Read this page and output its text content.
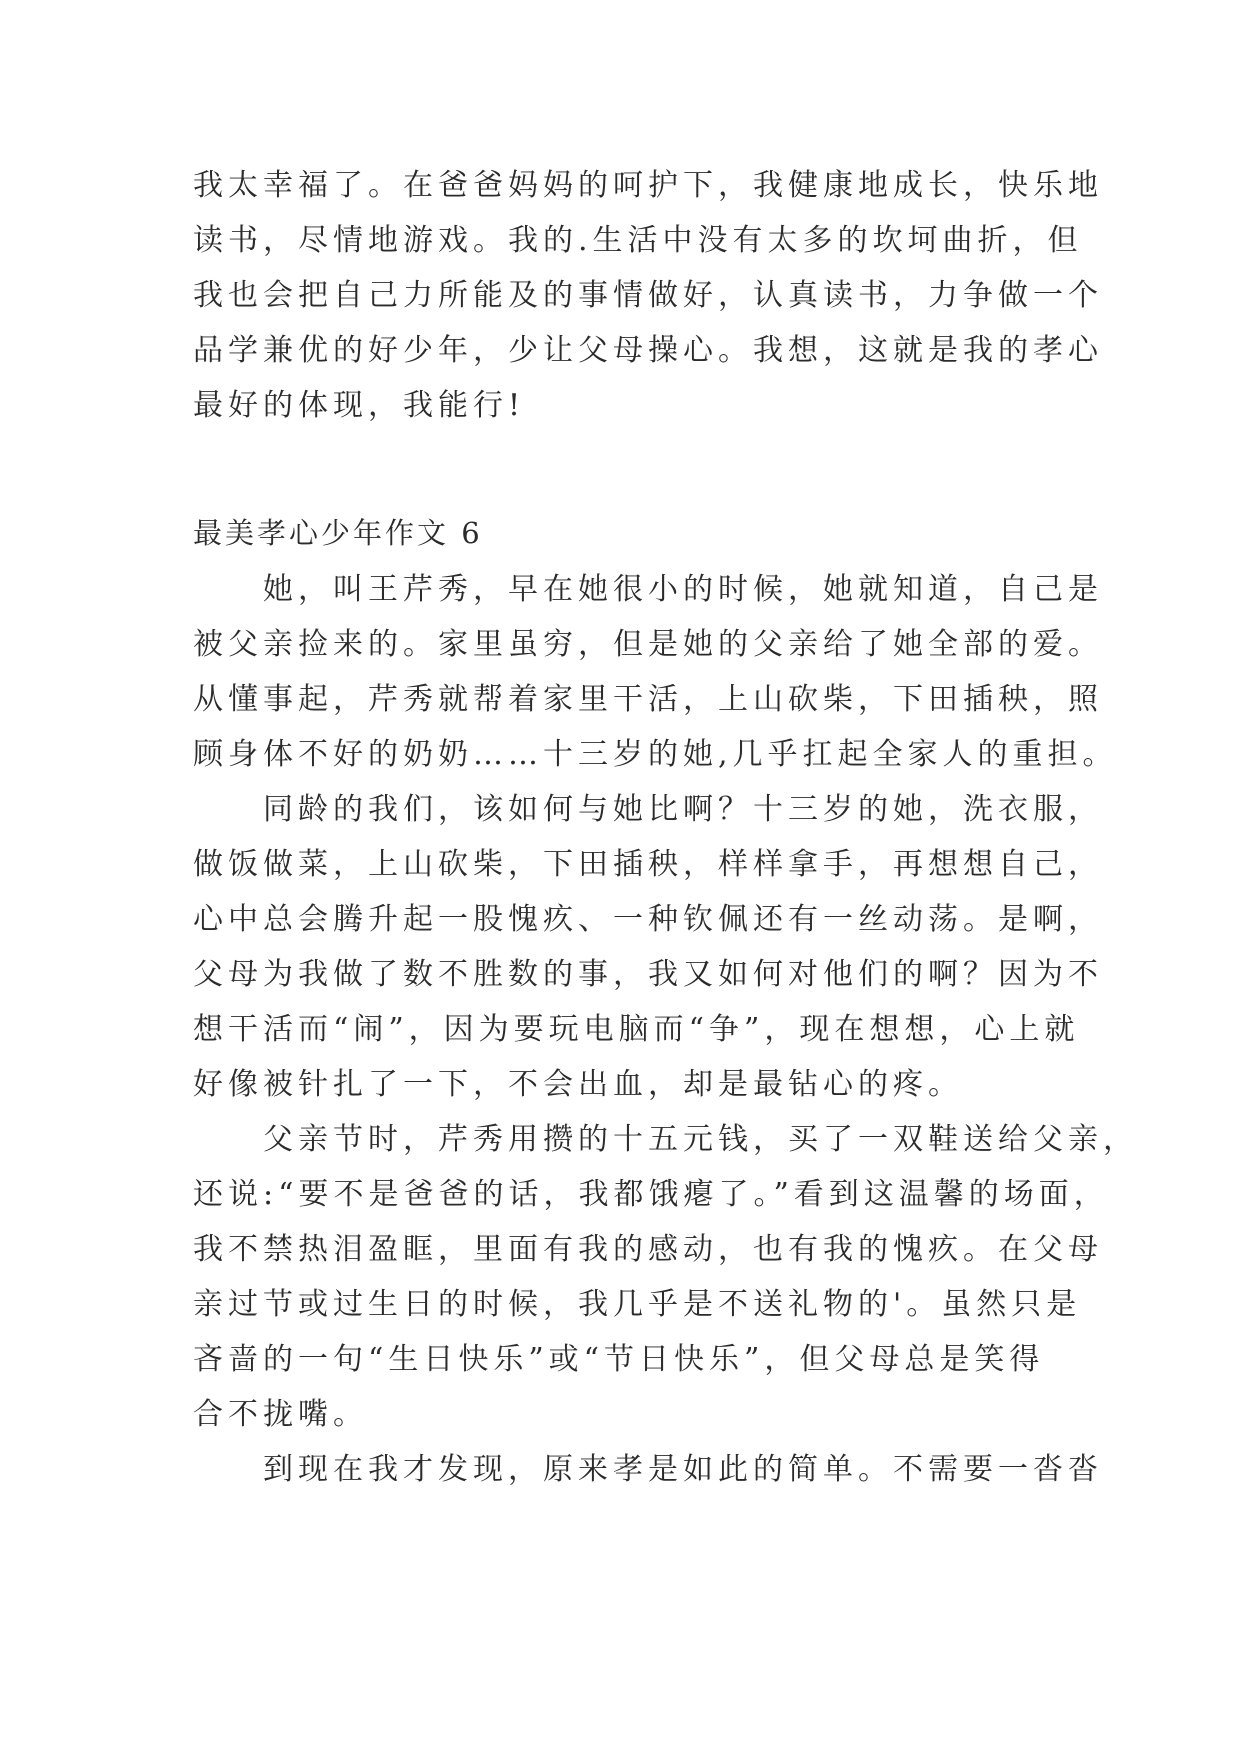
我太幸福了。在爸爸妈妈的呵护下，我健康地成长，快乐地
读书，尽情地游戏。我的.生活中没有太多的坎坷曲折，但
我也会把自己力所能及的事情做好，认真读书，力争做一个
品学兼优的好少年，少让父母操心。我想，这就是我的孝心
最好的体现，我能行!
最美孝心少年作文 6
　　她，叫王芹秀，早在她很小的时候，她就知道，自己是
被父亲捡来的。家里虽穷，但是她的父亲给了她全部的爱。
从懂事起，芹秀就帮着家里干活，上山砍柴，下田插秧，照
顾身体不好的奶奶……十三岁的她,几乎扛起全家人的重担。
　　同龄的我们，该如何与她比啊？十三岁的她，洗衣服，
做饭做菜，上山砍柴，下田插秧，样样拿手，再想想自己，
心中总会腾升起一股愧疚、一种钦佩还有一丝动荡。是啊，
父母为我做了数不胜数的事，我又如何对他们的啊？因为不
想干活而“闹”，因为要玩电脑而“争”，现在想想，心上就
好像被针扎了一下，不会出血，却是最钻心的疼。
　　父亲节时，芹秀用攒的十五元钱，买了一双鞋送给父亲，
还说:“要不是爸爸的话，我都饿瘪了。”看到这温馨的场面，
我不禁热泪盈眶，里面有我的感动，也有我的愧疚。在父母
亲过节或过生日的时候，我几乎是不送礼物的'。虽然只是
吝啬的一句“生日快乐”或“节日快乐”，但父母总是笑得
合不拢嘴。
　　到现在我才发现，原来孝是如此的简单。不需要一沓沓
